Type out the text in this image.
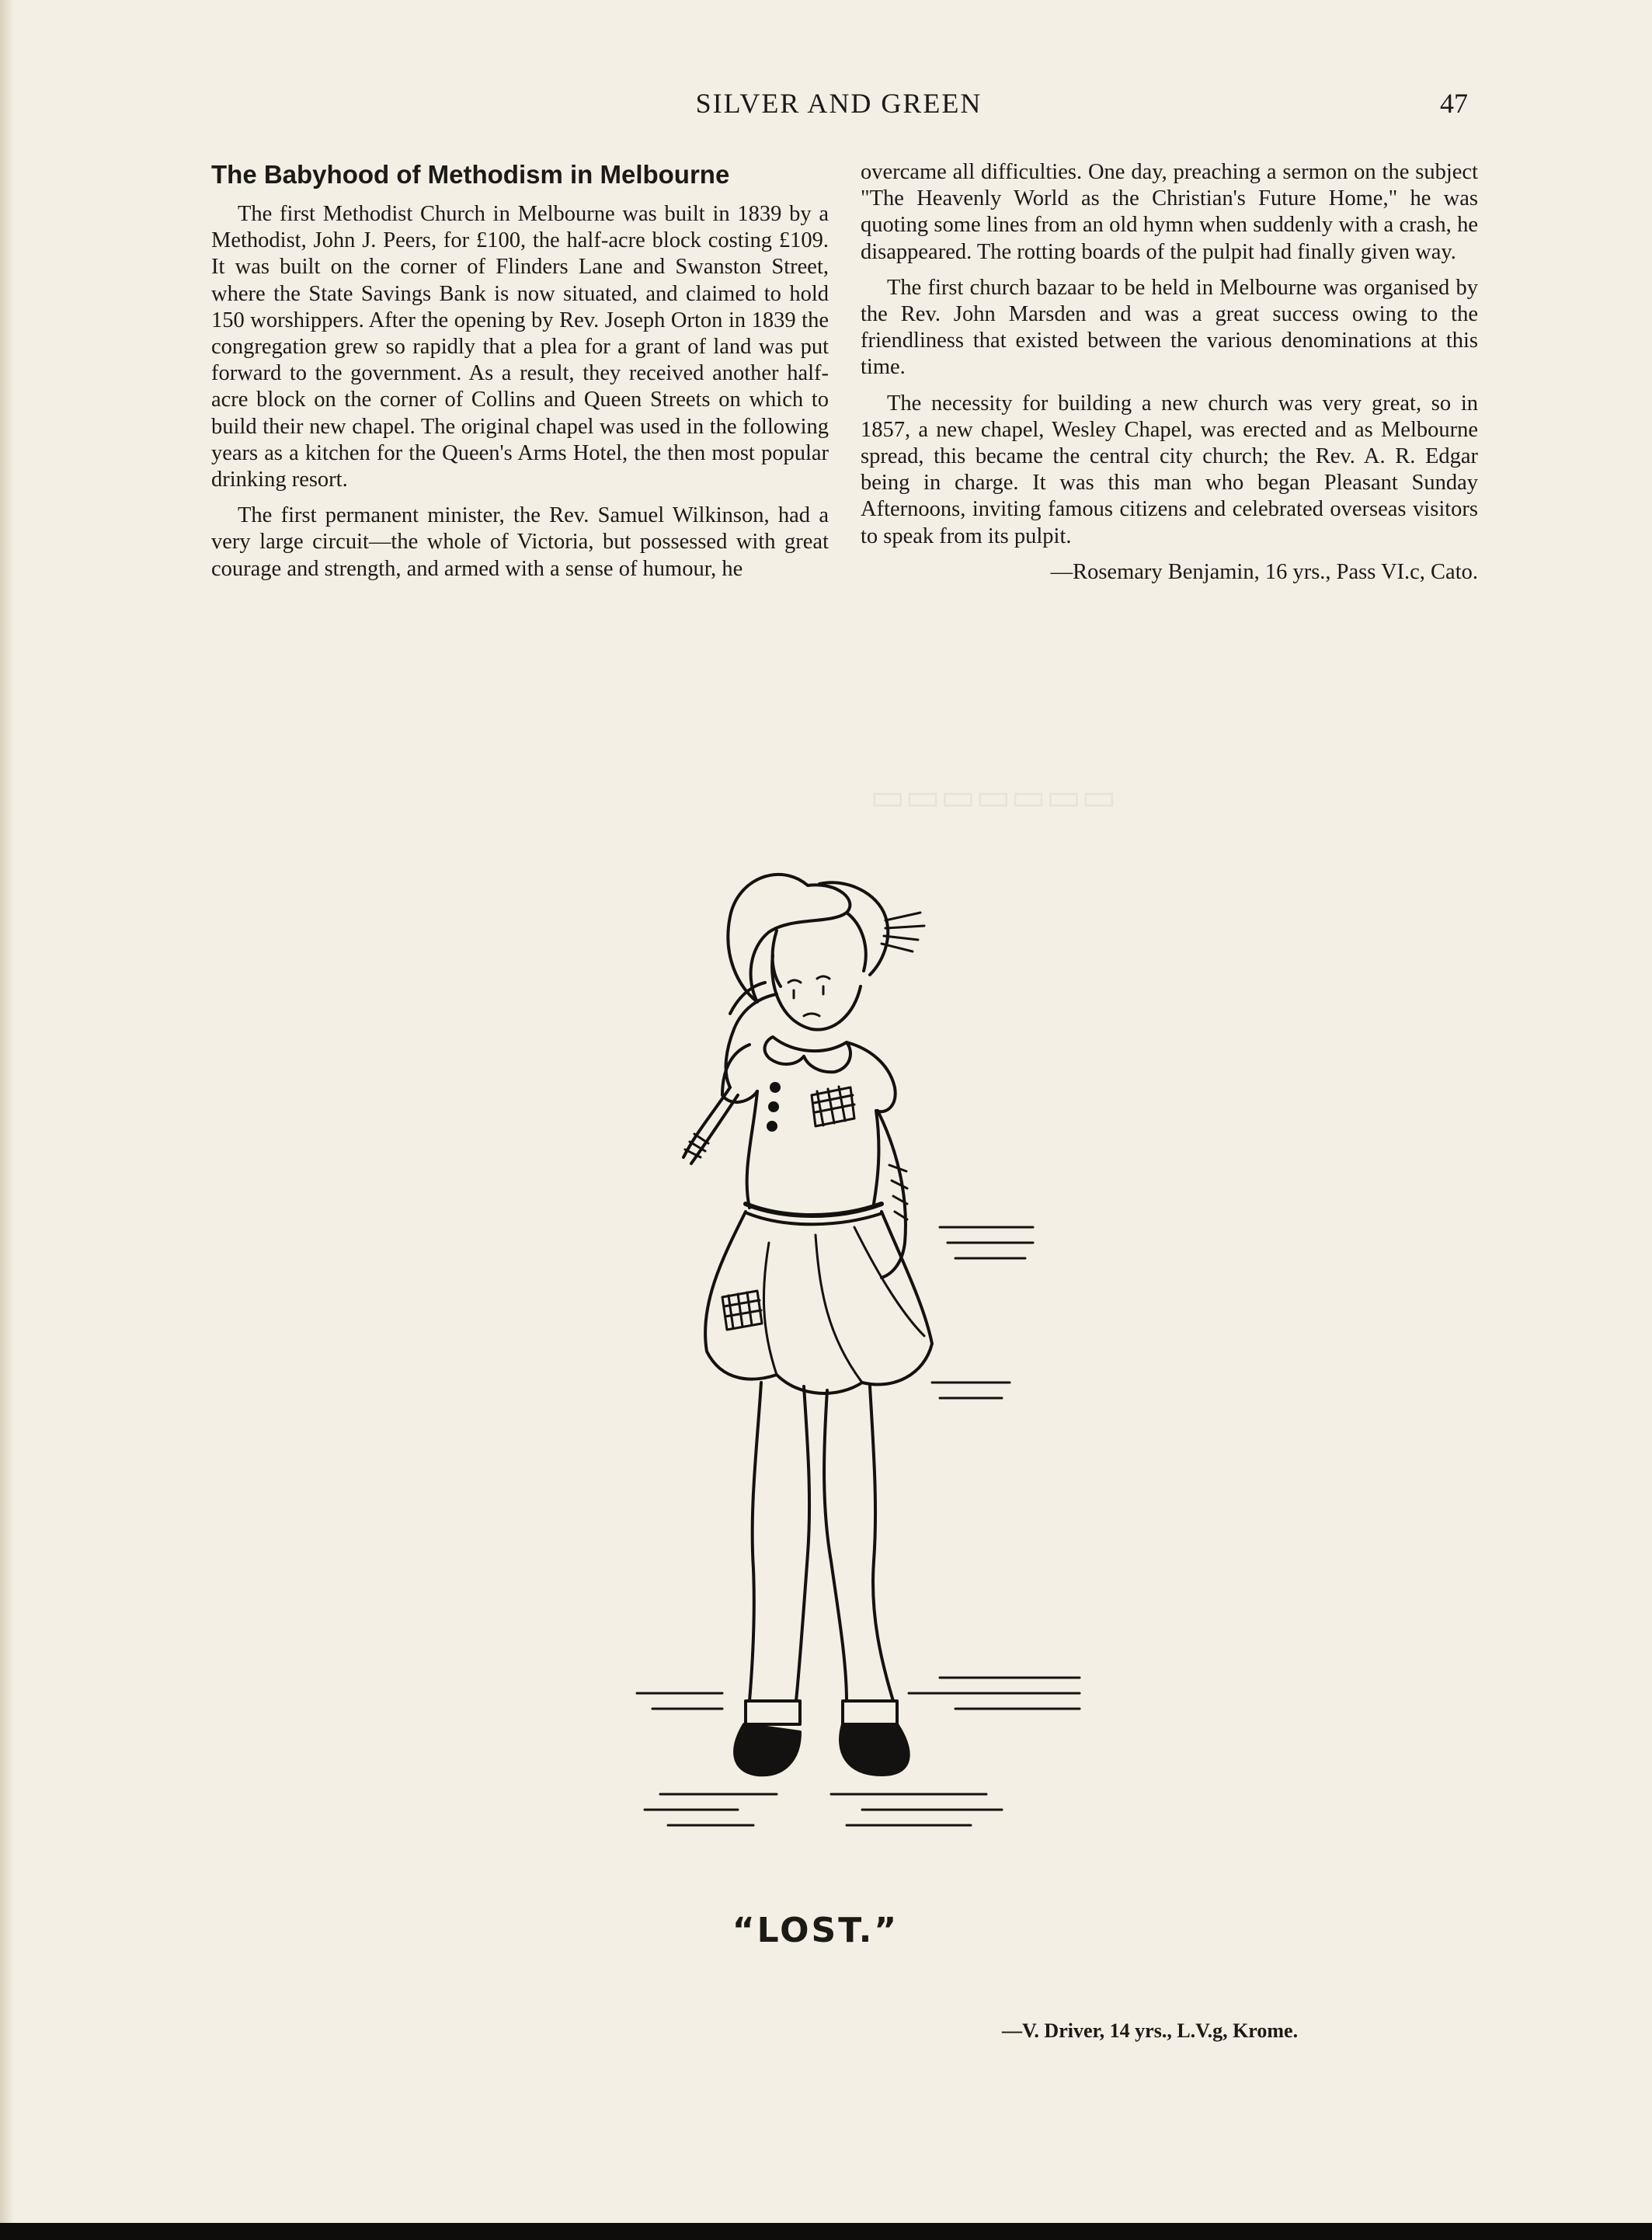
SILVER AND GREEN	47
The Babyhood of Methodism in Melbourne

The first Methodist Church in Melbourne was built in 1839 by a Methodist, John J. Peers, for £100, the half-acre block costing £109. It was built on the corner of Flinders Lane and Swanston Street, where the State Savings Bank is now situated, and claimed to hold 150 worshippers. After the opening by Rev. Joseph Orton in 1839 the congregation grew so rapidly that a plea for a grant of land was put forward to the government. As a result, they received another half-acre block on the corner of Collins and Queen Streets on which to build their new chapel. The original chapel was used in the following years as a kitchen for the Queen's Arms Hotel, the then most popular drinking resort.

The first permanent minister, the Rev. Samuel Wilkinson, had a very large circuit—the whole of Victoria, but possessed with great courage and strength, and armed with a sense of humour, he

overcame all difficulties. One day, preaching a sermon on the subject "The Heavenly World as the Christian's Future Home," he was quoting some lines from an old hymn when suddenly with a crash, he disappeared. The rotting boards of the pulpit had finally given way.

The first church bazaar to be held in Melbourne was organised by the Rev. John Marsden and was a great success owing to the friendliness that existed between the various denominations at this time.

The necessity for building a new church was very great, so in 1857, a new chapel, Wesley Chapel, was erected and as Melbourne spread, this became the central city church; the Rev. A. R. Edgar being in charge. It was this man who began Pleasant Sunday Afternoons, inviting famous citizens and celebrated overseas visitors to speak from its pulpit.

—Rosemary Benjamin, 16 yrs., Pass VI.c, Cato.
▭▭▭▭▭▭▭
“LOST.”
—V. Driver, 14 yrs., L.V.g, Krome.
